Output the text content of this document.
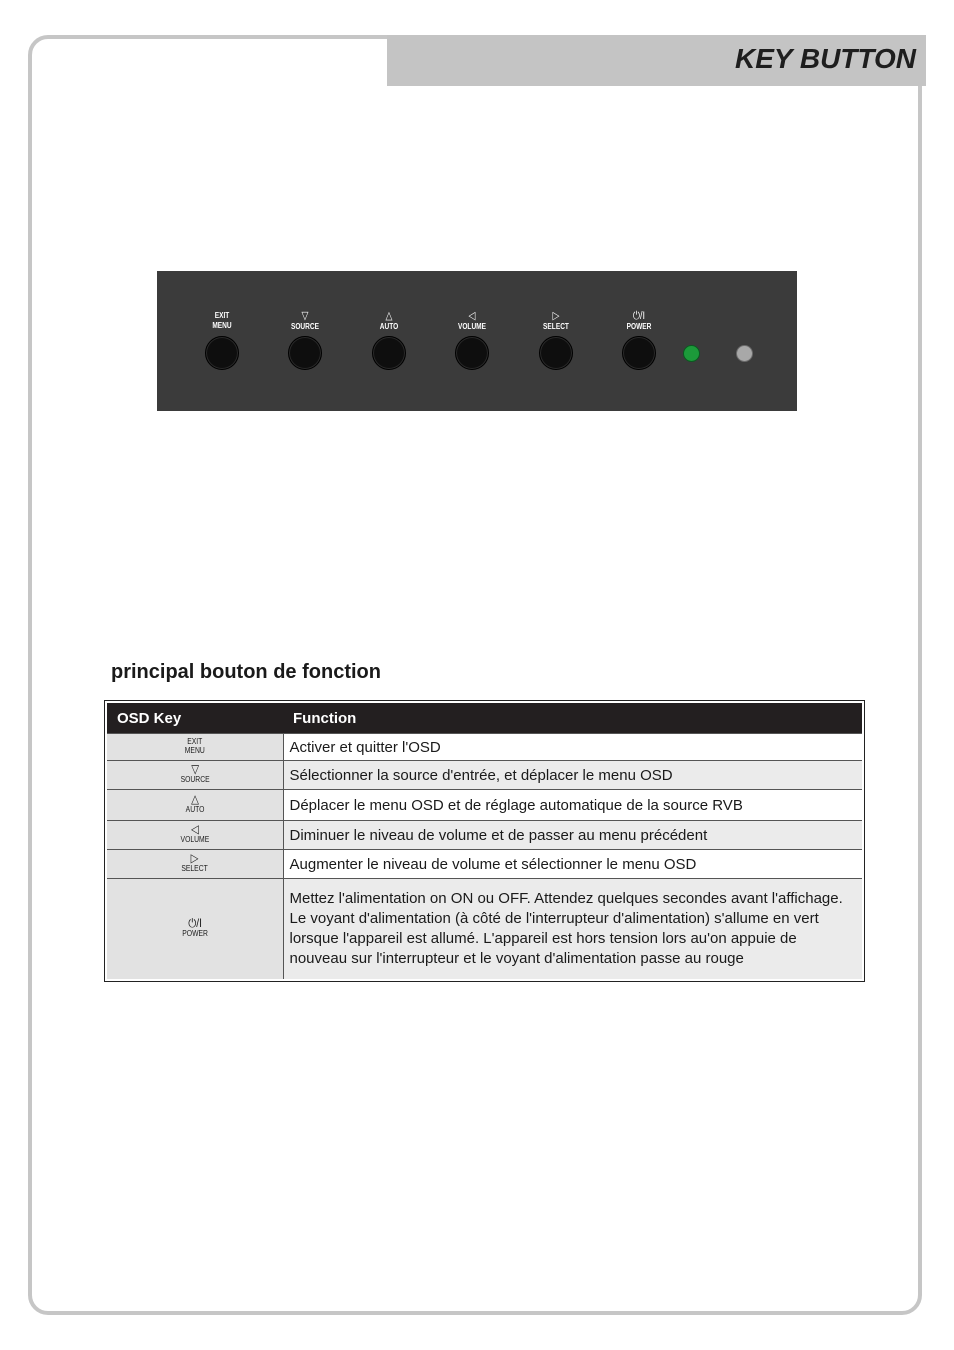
KEY BUTTON
EXIT
MENU
▽
SOURCE
△
AUTO
◁
VOLUME
▷
SELECT
⏻/I
POWER
principal bouton de fonction
OSD Key	Function
EXIT
MENU	Activer et quitter l'OSD

▽
SOURCE	Sélectionner la source d'entrée, et déplacer le menu OSD

△
AUTO	Déplacer le menu OSD et de réglage automatique de la source RVB

◁
VOLUME	Diminuer le niveau de volume et de passer au menu précédent

▷
SELECT	Augmenter le niveau de volume et sélectionner le menu OSD

⏻/I
POWER	Mettez l'alimentation on ON ou OFF. Attendez quelques secondes avant l'affichage.
Le voyant d'alimentation (à côté de l'interrupteur d'alimentation) s'allume en vert
lorsque l'appareil est allumé. L'appareil est hors tension lors au'on appuie de
nouveau sur l'interrupteur et le voyant d'alimentation passe au rouge
